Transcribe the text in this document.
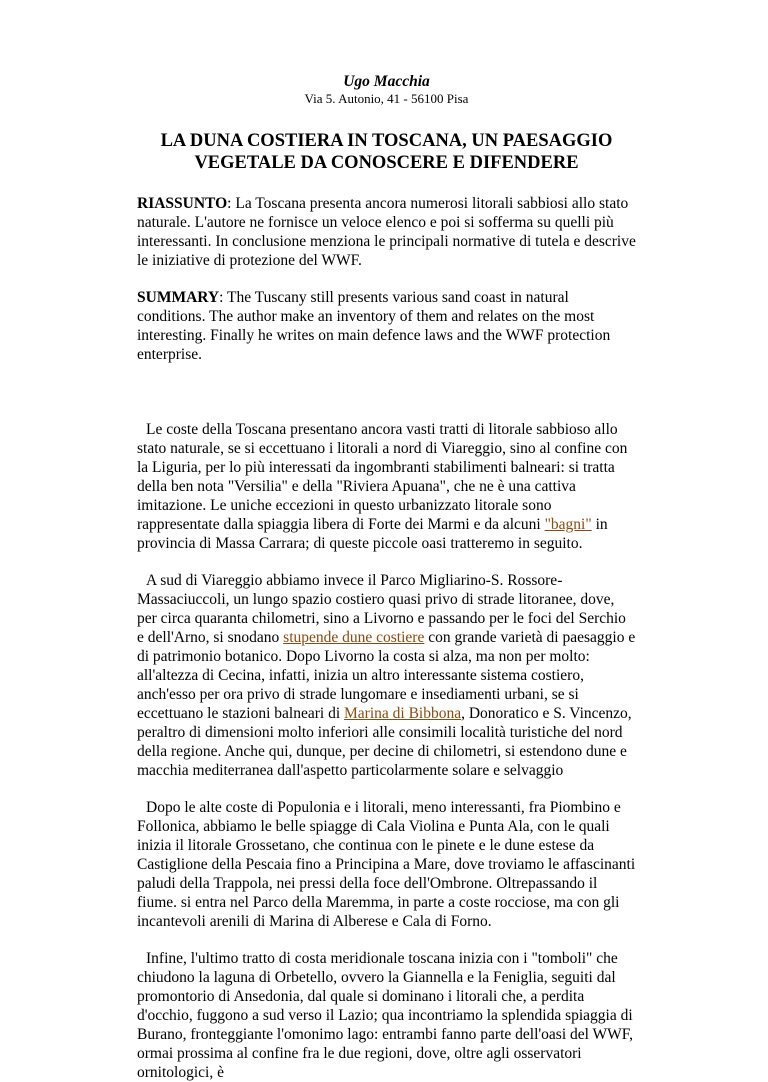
Ugo Macchia
Via 5. Autonio, 41 - 56100 Pisa
LA DUNA COSTIERA IN TOSCANA, UN PAESAGGIO VEGETALE DA CONOSCERE E DIFENDERE
RIASSUNTO: La Toscana presenta ancora numerosi litorali sabbiosi allo stato naturale. L'autore ne fornisce un veloce elenco e poi si sofferma su quelli più interessanti. In conclusione menziona le principali normative di tutela e descrive le iniziative di protezione del WWF.
SUMMARY: The Tuscany still presents various sand coast in natural conditions. The author make an inventory of them and relates on the most interesting. Finally he writes on main defence laws and the WWF protection enterprise.

Le coste della Toscana presentano ancora vasti tratti di litorale sabbioso allo stato naturale, se si eccettuano i litorali a nord di Viareggio, sino al confine con la Liguria, per lo più interessati da ingombranti stabilimenti balneari: si tratta della ben nota "Versilia" e della "Riviera Apuana", che ne è una cattiva imitazione. Le uniche eccezioni in questo urbanizzato litorale sono rappresentate dalla spiaggia libera di Forte dei Marmi e da alcuni "bagni" in provincia di Massa Carrara; di queste piccole oasi tratteremo in seguito.

A sud di Viareggio abbiamo invece il Parco Migliarino-S. Rossore-Massaciuccoli, un lungo spazio costiero quasi privo di strade litoranee, dove, per circa quaranta chilometri, sino a Livorno e passando per le foci del Serchio e dell'Arno, si snodano stupende dune costiere con grande varietà di paesaggio e di patrimonio botanico. Dopo Livorno la costa si alza, ma non per molto: all'altezza di Cecina, infatti, inizia un altro interessante sistema costiero, anch'esso per ora privo di strade lungomare e insediamenti urbani, se si eccettuano le stazioni balneari di Marina di Bibbona, Donoratico e S. Vincenzo, peraltro di dimensioni molto inferiori alle consimili località turistiche del nord della regione. Anche qui, dunque, per decine di chilometri, si estendono dune e macchia mediterranea dall'aspetto particolarmente solare e selvaggio

Dopo le alte coste di Populonia e i litorali, meno interessanti, fra Piombino e Follonica, abbiamo le belle spiagge di Cala Violina e Punta Ala, con le quali inizia il litorale Grossetano, che continua con le pinete e le dune estese da Castiglione della Pescaia fino a Principina a Mare, dove troviamo le affascinanti paludi della Trappola, nei pressi della foce dell'Ombrone. Oltrepassando il fiume. si entra nel Parco della Maremma, in parte a coste rocciose, ma con gli incantevoli arenili di Marina di Alberese e Cala di Forno.

Infine, l'ultimo tratto di costa meridionale toscana inizia con i "tomboli" che chiudono la laguna di Orbetello, ovvero la Giannella e la Feniglia, seguiti dal promontorio di Ansedonia, dal quale si dominano i litorali che, a perdita d'occhio, fuggono a sud verso il Lazio; qua incontriamo la splendida spiaggia di Burano, fronteggiante l'omonimo lago: entrambi fanno parte dell'oasi del WWF, ormai prossima al confine fra le due regioni, dove, oltre agli osservatori ornitologici, è
